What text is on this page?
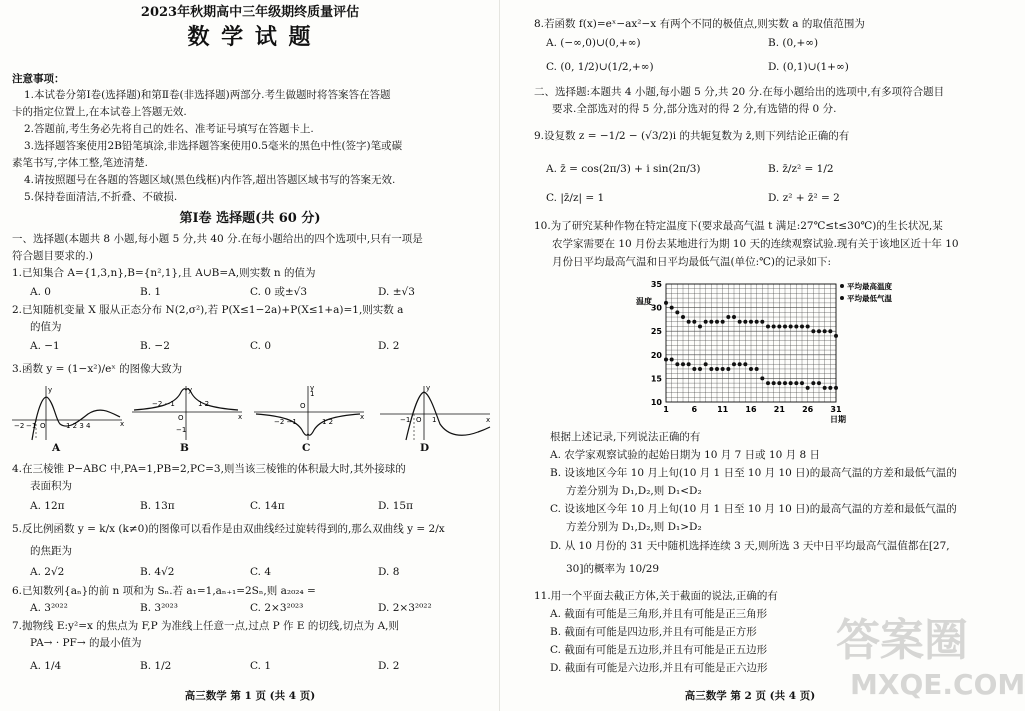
2023年秋期高中三年级期终质量评估
数 学 试 题
注意事项：
1.本试卷分第Ⅰ卷(选择题)和第Ⅱ卷(非选择题)两部分.考生做题时将答案答在答题
卡的指定位置上,在本试卷上答题无效.
2.答题前,考生务必先将自己的姓名、准考证号填写在答题卡上.
3.选择题答案使用2B铅笔填涂,非选择题答案使用0.5毫米的黑色中性(签字)笔或碳
素笔书写,字体工整,笔迹清楚.
4.请按照题号在各题的答题区域(黑色线框)内作答,超出答题区域书写的答案无效.
5.保持卷面清洁,不折叠、不破损.
第Ⅰ卷 选择题(共 60 分)
一、选择题(本题共 8 小题,每小题 5 分,共 40 分.在每小题给出的四个选项中,只有一项是
符合题目要求的.)
1.已知集合 A={1,3,n},B={n²,1},且 A∪B=A,则实数 n 的值为
A. 0	B. 1	C. 0 或±√3	D. ±√3
2.已知随机变量 X 服从正态分布 N(2,σ²),若 P(X≤1−2a)+P(X≤1+a)=1,则实数 a
的值为
A. −1	B. −2	C. 0	D. 2
3.函数 y = (1−x²)/eˣ 的图像大致为
−2 −1 O	1 2 3 4	x
y
A
−2 −1	1 2
O
−1
x
y
B
−2 −1	1 2
O
1
x
y
C
−1 O 1	x
y
D
4.在三棱锥 P−ABC 中,PA=1,PB=2,PC=3,则当该三棱锥的体积最大时,其外接球的
表面积为
A. 12π	B. 13π	C. 14π	D. 15π
5.反比例函数 y = k/x (k≠0)的图像可以看作是由双曲线经过旋转得到的,那么双曲线 y = 2/x
的焦距为
A. 2√2	B. 4√2	C. 4	D. 8
6.已知数列{aₙ}的前 n 项和为 Sₙ.若 a₁=1,aₙ₊₁=2Sₙ,则 a₂₀₂₄ =
A. 3²⁰²²	B. 3²⁰²³	C. 2×3²⁰²³	D. 2×3²⁰²²
7.抛物线 E:y²=x 的焦点为 F,P 为准线上任意一点,过点 P 作 E 的切线,切点为 A,则
PA→ · PF→ 的最小值为
A. 1/4	B. 1/2	C. 1	D. 2
高三数学 第 1 页 (共 4 页)
8.若函数 f(x)=eˣ−ax²−x 有两个不同的极值点,则实数 a 的取值范围为
A. (−∞,0)∪(0,+∞)	B. (0,+∞)
C. (0, 1/2)∪(1/2,+∞)	D. (0,1)∪(1+∞)
二、选择题:本题共 4 小题,每小题 5 分,共 20 分.在每小题给出的选项中,有多项符合题目
要求.全部选对的得 5 分,部分选对的得 2 分,有选错的得 0 分.
9.设复数 z = −1/2 − (√3/2)i 的共轭复数为 z̄,则下列结论正确的有
A. z̄ = cos(2π/3) + i sin(2π/3)	B. z̄/z² = 1/2
C. |z̄/z| = 1	D. z² + z̄² = 2
10.为了研究某种作物在特定温度下(要求最高气温 t 满足:27℃≤t≤30℃)的生长状况,某
农学家需要在 10 月份去某地进行为期 10 天的连续观察试验.现有关于该地区近十年 10
月份日平均最高气温和日平均最低气温(单位:℃)的记录如下:
10
15
20
25
30
35
1	6 11 16 21 26 31
温度
日期
平均最高温度
平均最低气温
根据上述记录,下列说法正确的有
A. 农学家观察试验的起始日期为 10 月 7 日或 10 月 8 日
B. 设该地区今年 10 月上旬(10 月 1 日至 10 月 10 日)的最高气温的方差和最低气温的
方差分别为 D₁,D₂,则 D₁<D₂
C. 设该地区今年 10 月上旬(10 月 1 日至 10 月 10 日)的最高气温的方差和最低气温的
方差分别为 D₁,D₂,则 D₁>D₂
D. 从 10 月份的 31 天中随机选择连续 3 天,则所选 3 天中日平均最高气温值都在[27,
30]的概率为 10/29
11.用一个平面去截正方体,关于截面的说法,正确的有
A. 截面有可能是三角形,并且有可能是正三角形
B. 截面有可能是四边形,并且有可能是正方形
C. 截面有可能是五边形,并且有可能是正五边形
D. 截面有可能是六边形,并且有可能是正六边形
高三数学 第 2 页 (共 4 页)
答案圈
MXQE.COM
